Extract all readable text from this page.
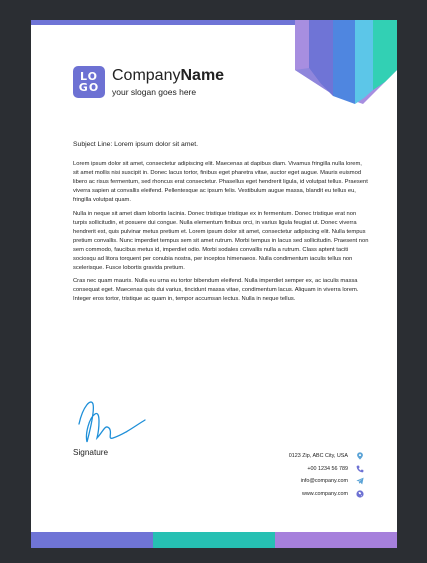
LOGO
CompanyName
your slogan goes here
Subject Line: Lorem ipsum dolor sit amet.

Lorem ipsum dolor sit amet, consectetur adipiscing elit. Maecenas at dapibus diam. Vivamus fringilla nulla lorem, sit amet mollis nisi suscipit in. Donec lacus tortor, finibus eget pharetra vitae, auctor eget augue. Mauris euismod libero ac risus fermentum, sed rhoncus erat consectetur. Phasellus eget hendrerit ligula, id volutpat tellus. Praesent viverra sapien at convallis eleifend. Pellentesque ac ipsum felis. Vestibulum augue massa, blandit eu tellus eu, fringilla volutpat quam.

Nulla in neque sit amet diam lobortis lacinia. Donec tristique tristique ex in fermentum. Donec tristique erat non turpis sollicitudin, et posuere dui congue. Nulla elementum finibus orci, in varius ligula feugiat ut. Donec viverra hendrerit est, quis pulvinar metus pretium et. Lorem ipsum dolor sit amet, consectetur adipiscing elit. Nulla tempus pretium convallis. Nunc imperdiet tempus sem sit amet rutrum. Morbi tempus in lacus sed sollicitudin. Praesent non sem commodo, faucibus metus id, imperdiet odio. Morbi sodales convallis nulla a rutrum. Class aptent taciti sociosqu ad litora torquent per conubia nostra, per inceptos himenaeos. Nulla condimentum iaculis tellus non scelerisque. Fusce lobortis gravida pretium.

Cras nec quam mauris. Nulla eu urna eu tortor bibendum eleifend. Nulla imperdiet semper ex, ac iaculis massa consequat eget. Maecenas quis dui varius, tincidunt massa vitae, condimentum lacus. Aliquam in viverra lorem. Integer eros tortor, tristique ac quam in, tempor accumsan lectus. Nulla in neque tellus.

Signature	0123 Zip, ABC City, USA
+00 1234 56 789
info@company.com
www.company.com
